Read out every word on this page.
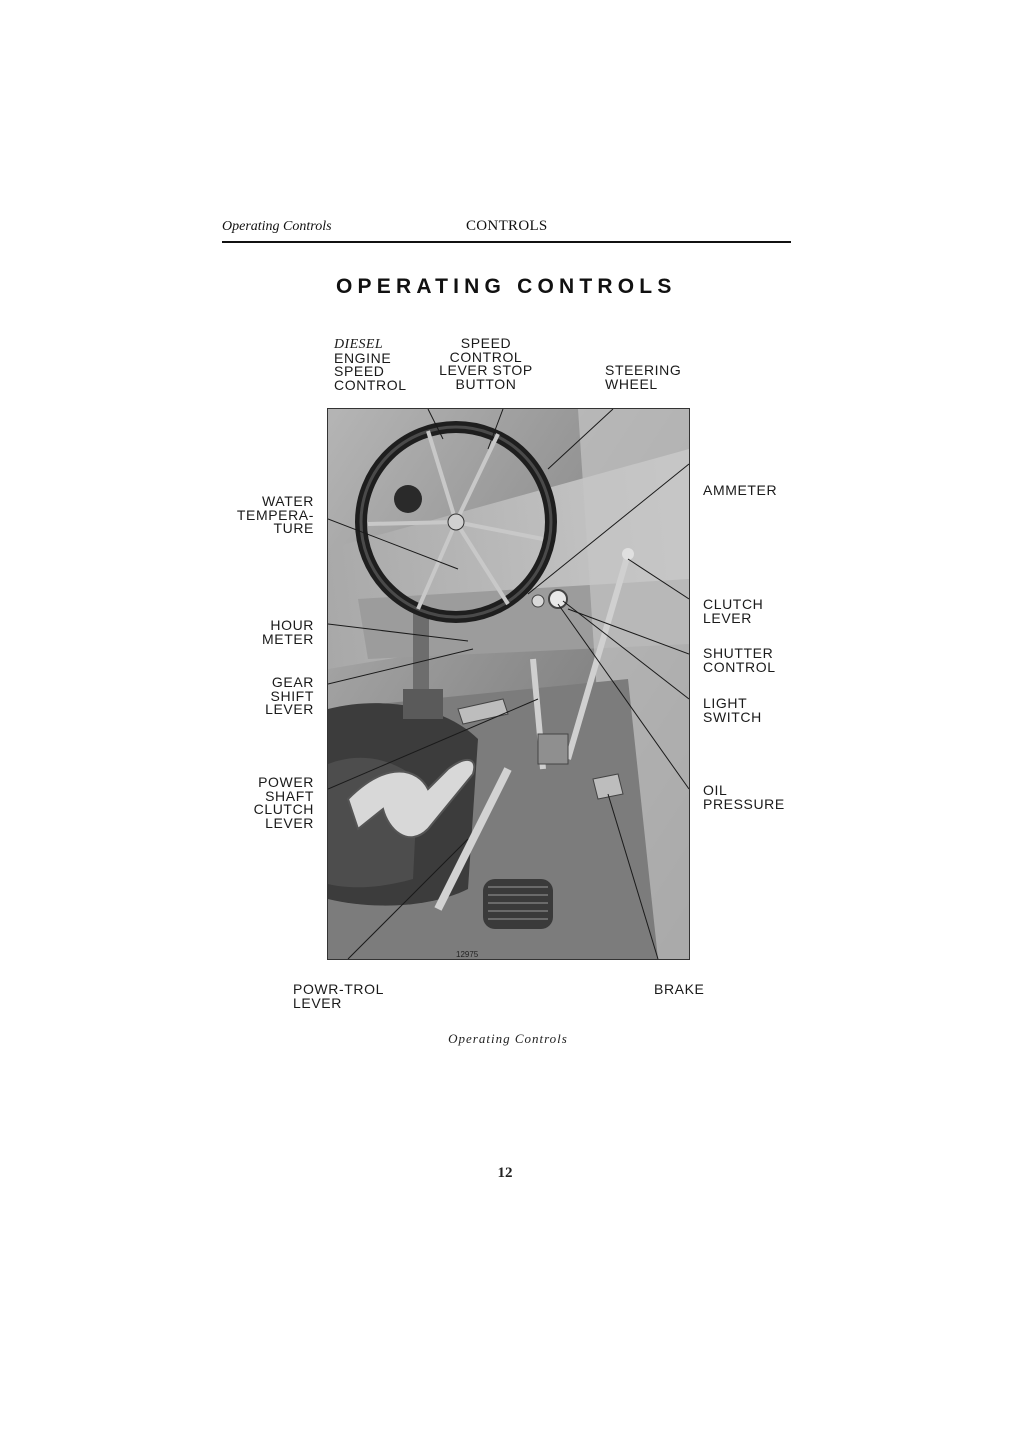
Operating Controls	CONTROLS
OPERATING CONTROLS
DIESEL
ENGINE
SPEED
CONTROL
SPEED
CONTROL
LEVER STOP
BUTTON
STEERING
WHEEL
WATER
TEMPERA-
TURE
HOUR
METER
GEAR
SHIFT
LEVER
POWER
SHAFT
CLUTCH
LEVER
AMMETER
CLUTCH
LEVER
SHUTTER
CONTROL
LIGHT
SWITCH
OIL
PRESSURE
POWR-TROL
LEVER
BRAKE
12975
Operating Controls
12
